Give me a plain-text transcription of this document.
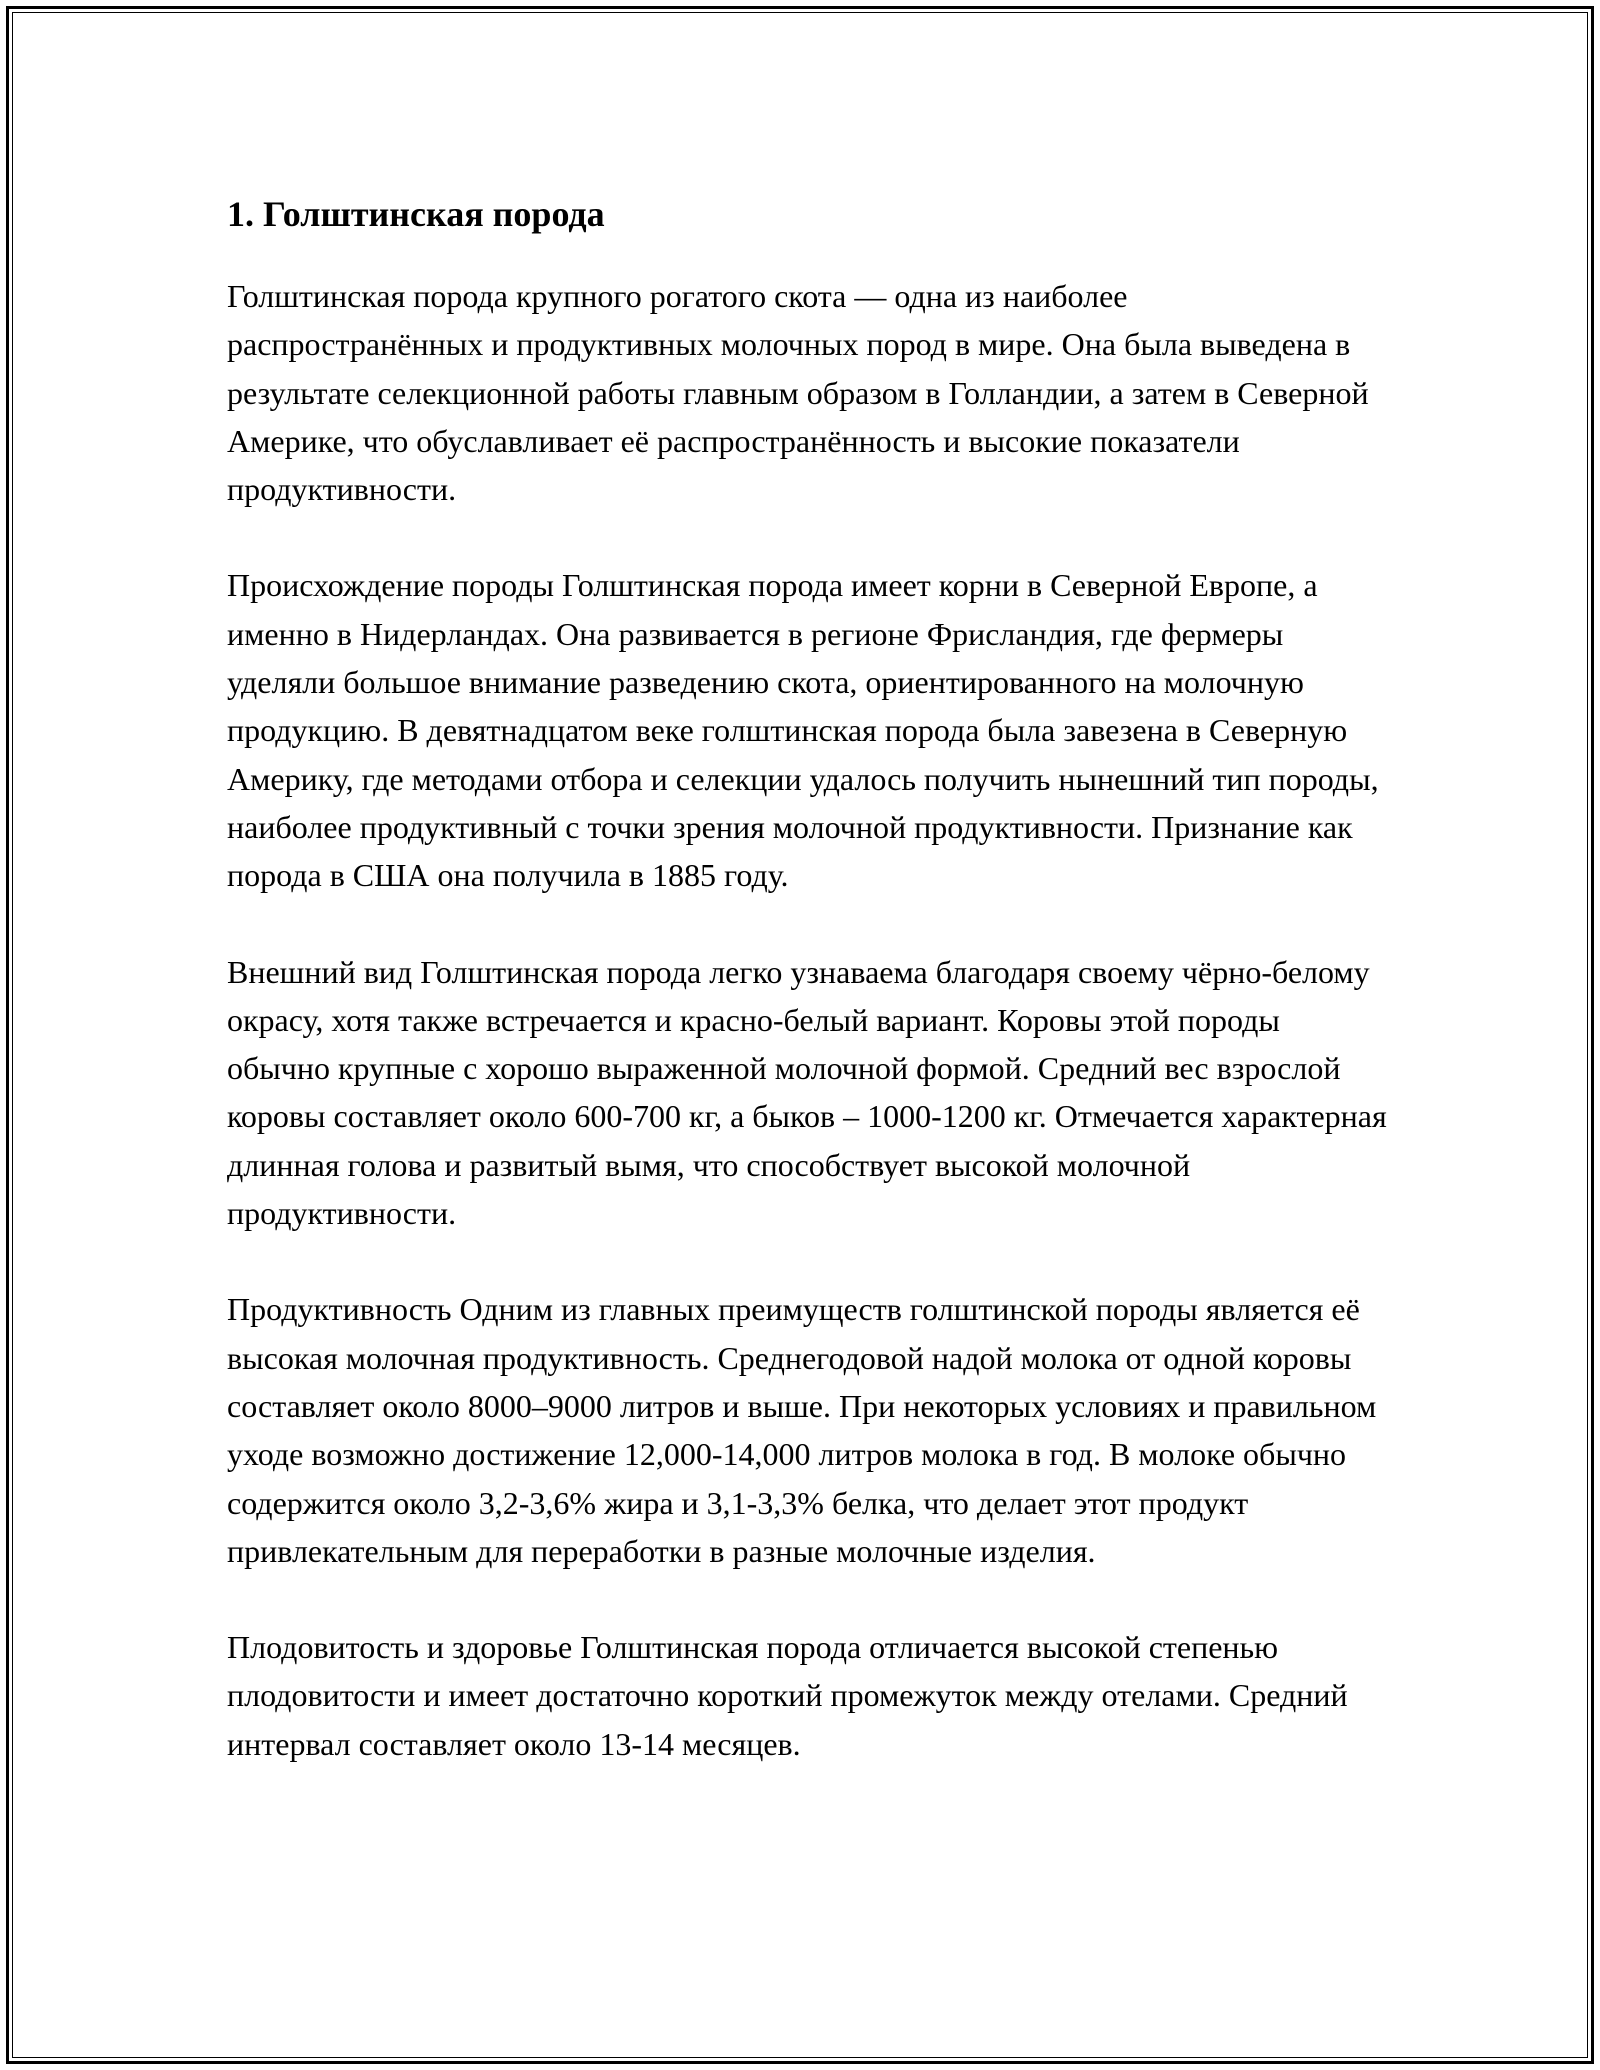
1. Голштинская порода

Голштинская порода крупного рогатого скота — одна из наиболее распространённых и продуктивных молочных пород в мире. Она была выведена в результате селекционной работы главным образом в Голландии, а затем в Северной Америке, что обуславливает её распространённость и высокие показатели продуктивности.

Происхождение породы Голштинская порода имеет корни в Северной Европе, а именно в Нидерландах. Она развивается в регионе Фрисландия, где фермеры уделяли большое внимание разведению скота, ориентированного на молочную продукцию. В девятнадцатом веке голштинская порода была завезена в Северную Америку, где методами отбора и селекции удалось получить нынешний тип породы, наиболее продуктивный с точки зрения молочной продуктивности. Признание как порода в США она получила в 1885 году.

Внешний вид Голштинская порода легко узнаваема благодаря своему чёрно-белому окрасу, хотя также встречается и красно-белый вариант. Коровы этой породы обычно крупные с хорошо выраженной молочной формой. Средний вес взрослой коровы составляет около 600-700 кг, а быков – 1000-1200 кг. Отмечается характерная длинная голова и развитый вымя, что способствует высокой молочной продуктивности.

Продуктивность Одним из главных преимуществ голштинской породы является её высокая молочная продуктивность. Среднегодовой надой молока от одной коровы составляет около 8000–9000 литров и выше. При некоторых условиях и правильном уходе возможно достижение 12,000-14,000 литров молока в год. В молоке обычно содержится около 3,2-3,6% жира и 3,1-3,3% белка, что делает этот продукт привлекательным для переработки в разные молочные изделия.

Плодовитость и здоровье Голштинская порода отличается высокой степенью плодовитости и имеет достаточно короткий промежуток между отелами. Средний интервал составляет около 13-14 месяцев.
